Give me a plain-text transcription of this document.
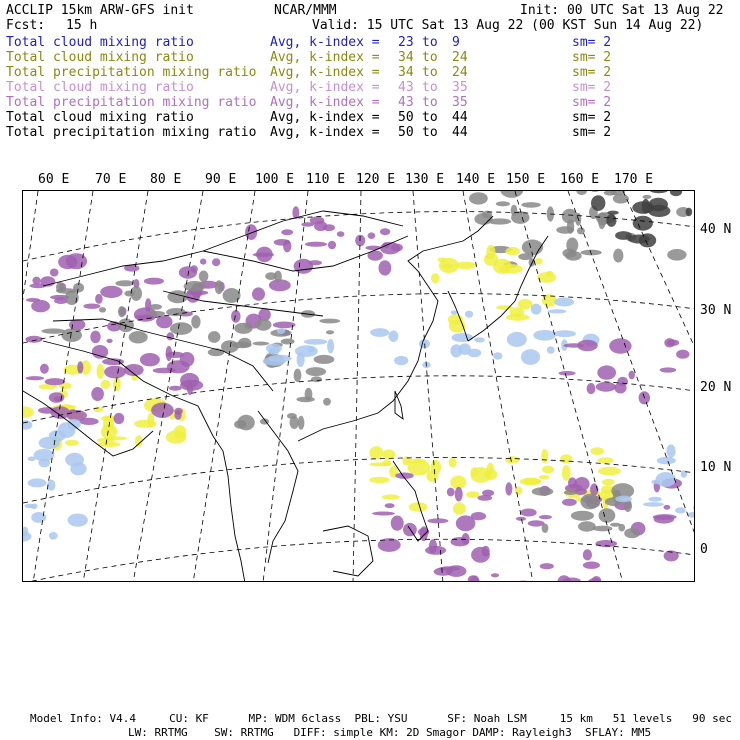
ACCLIP 15km ARW-GFS init	NCAR/MMM	Init: 00 UTC Sat 13 Aug 22
Fcst: 15 h	Valid: 15 UTC Sat 13 Aug 22 (00 KST Sun 14 Aug 22)
Total cloud mixing ratio	Avg, k-index = 23 to 9	sm= 2
Total cloud mixing ratio	Avg, k-index = 34 to 24	sm= 2
Total precipitation mixing ratio Avg, k-index = 34 to 24	sm= 2
Total cloud mixing ratio	Avg, k-index = 43 to 35	sm= 2
Total precipitation mixing ratio Avg, k-index = 43 to 35	sm= 2
Total cloud mixing ratio	Avg, k-index = 50 to 44	sm= 2
Total precipitation mixing ratio Avg, k-index = 50 to 44	sm= 2
60 E 70 E 80 E 90 E 100 E 110 E 120 E 130 E 140 E 150 E 160 E 170 E
40 N
30 N
20 N
10 N
0
Model Info: V4.4     CU: KF      MP: WDM 6class  PBL: YSU      SF: Noah LSM     15 km   51 levels   90 sec
LW: RRTMG    SW: RRTMG   DIFF: simple KM: 2D Smagor DAMP: Rayleigh3  SFLAY: MM5
